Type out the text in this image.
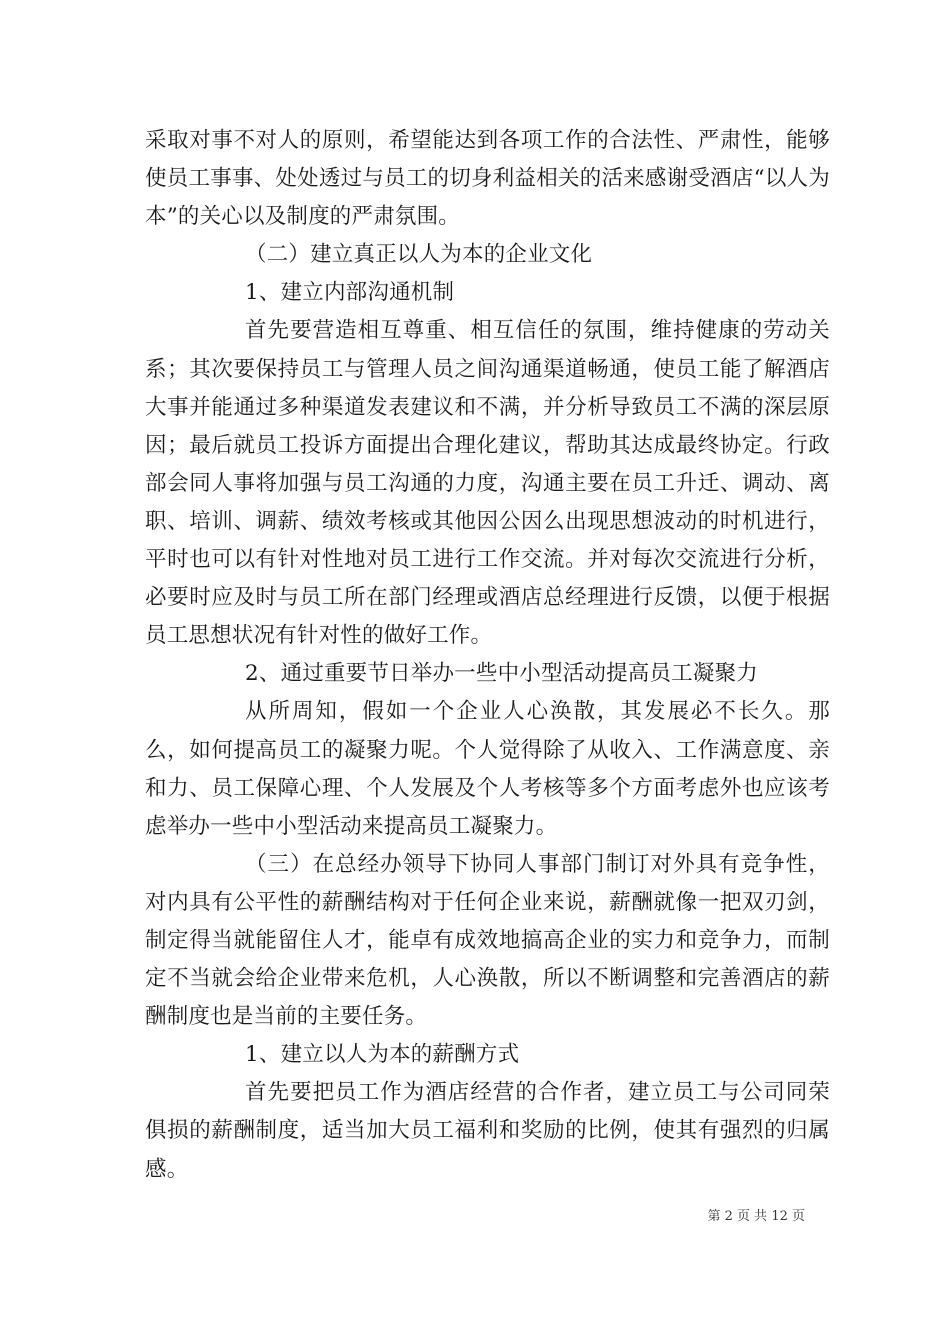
采取对事不对人的原则，希望能达到各项工作的合法性、严肃性，能够使员工事事、处处透过与员工的切身利益相关的活来感谢受酒店“以人为本”的关心以及制度的严肃氛围。

（二）建立真正以人为本的企业文化

1、建立内部沟通机制

首先要营造相互尊重、相互信任的氛围，维持健康的劳动关系；其次要保持员工与管理人员之间沟通渠道畅通，使员工能了解酒店大事并能通过多种渠道发表建议和不满，并分析导致员工不满的深层原因；最后就员工投诉方面提出合理化建议，帮助其达成最终协定。行政部会同人事将加强与员工沟通的力度，沟通主要在员工升迁、调动、离职、培训、调薪、绩效考核或其他因公因么出现思想波动的时机进行，平时也可以有针对性地对员工进行工作交流。并对每次交流进行分析，必要时应及时与员工所在部门经理或酒店总经理进行反馈，以便于根据员工思想状况有针对性的做好工作。

2、通过重要节日举办一些中小型活动提高员工凝聚力

从所周知，假如一个企业人心涣散，其发展必不长久。那么，如何提高员工的凝聚力呢。个人觉得除了从收入、工作满意度、亲和力、员工保障心理、个人发展及个人考核等多个方面考虑外也应该考虑举办一些中小型活动来提高员工凝聚力。

（三）在总经办领导下协同人事部门制订对外具有竞争性，对内具有公平性的薪酬结构对于任何企业来说，薪酬就像一把双刃剑，制定得当就能留住人才，能卓有成效地搞高企业的实力和竞争力，而制定不当就会给企业带来危机，人心涣散，所以不断调整和完善酒店的薪酬制度也是当前的主要任务。

1、建立以人为本的薪酬方式

首先要把员工作为酒店经营的合作者，建立员工与公司同荣俱损的薪酬制度，适当加大员工福利和奖励的比例，使其有强烈的归属感。

第 2 页 共 12 页
